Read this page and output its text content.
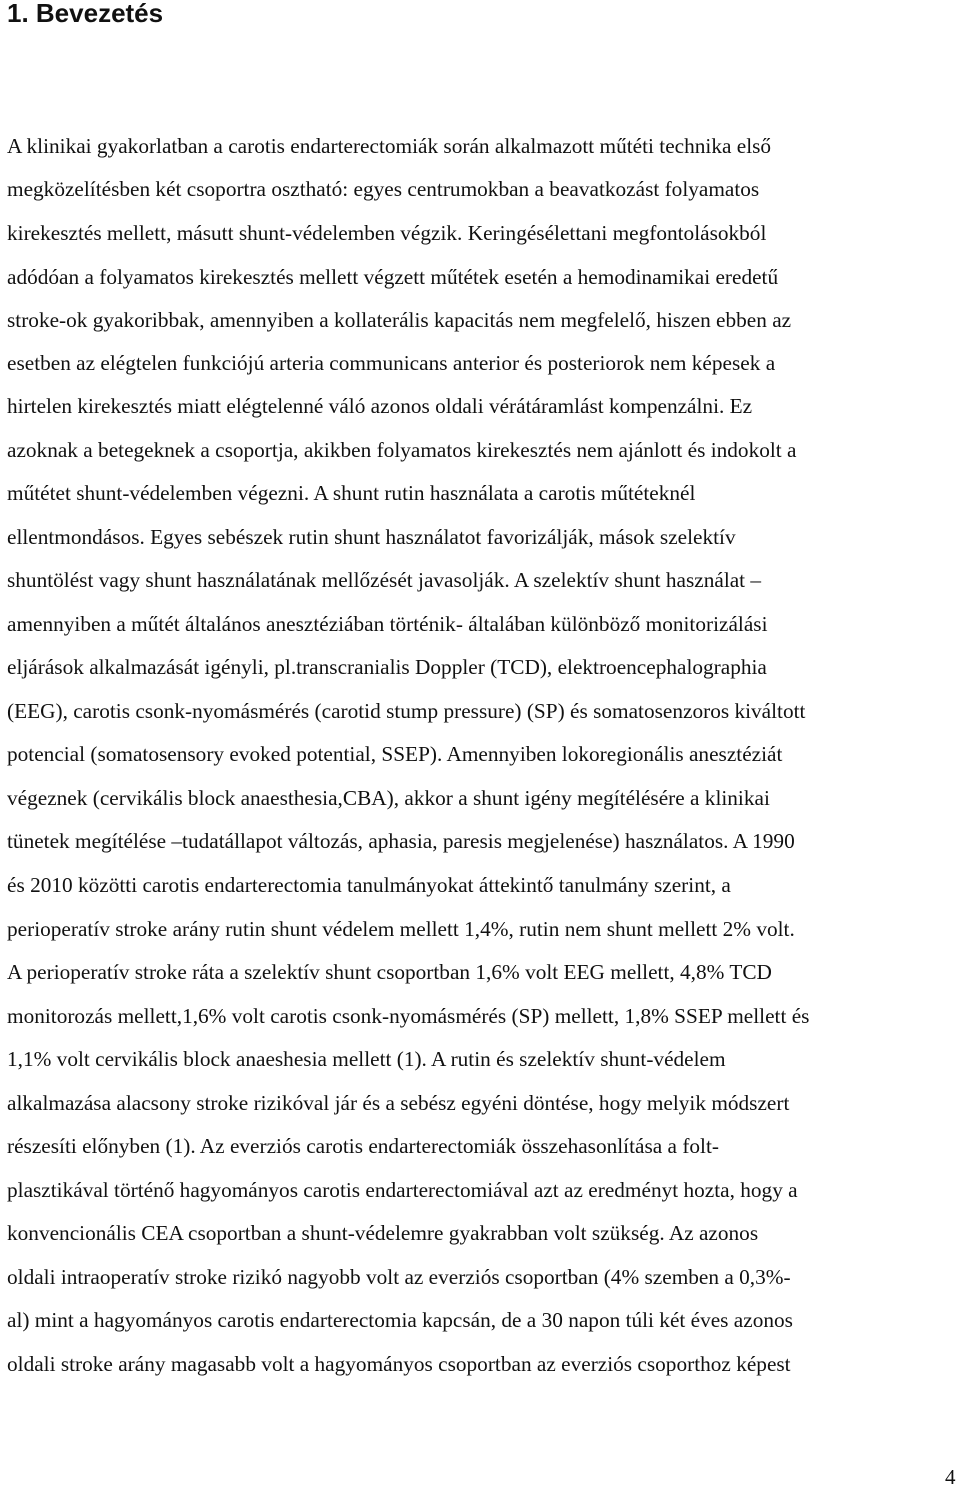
1. Bevezetés

A klinikai gyakorlatban a carotis endarterectomiák során alkalmazott műtéti technika első

megközelítésben két csoportra osztható: egyes centrumokban a beavatkozást folyamatos

kirekesztés mellett, másutt shunt-védelemben végzik. Keringésélettani megfontolásokból

adódóan a folyamatos kirekesztés mellett végzett műtétek esetén a hemodinamikai eredetű

stroke-ok gyakoribbak, amennyiben a kollaterális kapacitás nem megfelelő, hiszen ebben az

esetben az elégtelen funkciójú arteria communicans anterior és posteriorok nem képesek a

hirtelen kirekesztés miatt elégtelenné váló azonos oldali vérátáramlást kompenzálni. Ez

azoknak a betegeknek a csoportja, akikben folyamatos kirekesztés nem ajánlott és indokolt a

műtétet shunt-védelemben végezni. A shunt rutin használata a carotis műtéteknél

ellentmondásos. Egyes sebészek rutin shunt használatot favorizálják, mások szelektív

shuntölést vagy shunt használatának mellőzését javasolják. A szelektív shunt használat –

amennyiben a műtét általános anesztéziában történik- általában különböző monitorizálási

eljárások alkalmazását igényli, pl.transcranialis Doppler (TCD), elektroencephalographia

(EEG), carotis csonk-nyomásmérés (carotid stump pressure) (SP) és somatosenzoros kiváltott

potencial (somatosensory evoked potential, SSEP). Amennyiben lokoregionális anesztéziát

végeznek (cervikális block anaesthesia,CBA), akkor a shunt igény megítélésére a klinikai

tünetek megítélése –tudatállapot változás, aphasia, paresis megjelenése) használatos. A 1990

és 2010 közötti carotis endarterectomia tanulmányokat áttekintő tanulmány szerint, a

perioperatív stroke arány rutin shunt védelem mellett 1,4%, rutin nem shunt mellett 2% volt.

A perioperatív stroke ráta a szelektív shunt csoportban 1,6% volt EEG mellett, 4,8% TCD

monitorozás mellett,1,6% volt carotis csonk-nyomásmérés (SP) mellett, 1,8% SSEP mellett és

1,1% volt cervikális block anaeshesia mellett (1). A rutin és szelektív shunt-védelem

alkalmazása alacsony stroke rizikóval jár és a sebész egyéni döntése, hogy melyik módszert

részesíti előnyben (1). Az everziós carotis endarterectomiák összehasonlítása a folt-

plasztikával történő hagyományos carotis endarterectomiával azt az eredményt hozta, hogy a

konvencionális CEA csoportban a shunt-védelemre gyakrabban volt szükség. Az azonos

oldali intraoperatív stroke rizikó nagyobb volt az everziós csoportban (4% szemben a 0,3%-

al) mint a hagyományos carotis endarterectomia kapcsán, de a 30 napon túli két éves azonos

oldali stroke arány magasabb volt a hagyományos csoportban az everziós csoporthoz képest

4
